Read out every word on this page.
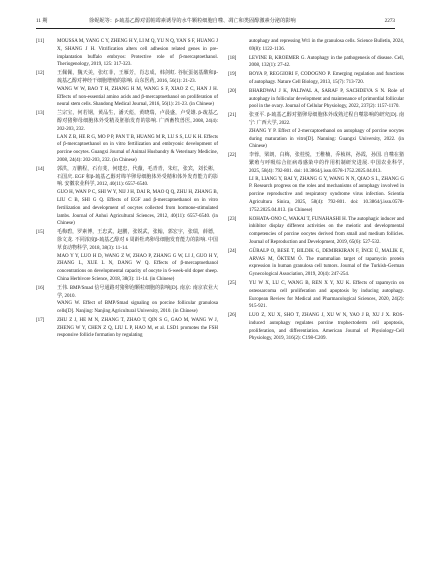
11 期	徐妮妮等：β-巯基乙醇对雷帕霉素诱导的水牛颗粒细胞自噬、凋亡和类固醇激素分泌的影响	2273
[11]	MOUSSA M, YANG C Y, ZHENG H Y, LI M Q, YU N Q, YAN S F, HUANG J X, SHANG J H. Vitrification alters cell adhesion related genes in pre-implantation buffalo embryos: Protective role of β-mercaptoethanol. Theriogenology, 2019, 125: 317-323.
[12]	王佩佩，魏天美，张红菲，王雁芳，肖志成，韩剑虹. 谷朊蛋氨基酸和β-巯基乙醇对神经干细胞增殖的影响. 山东医药, 2016, 56(1): 21-23.
WANG W W, BAO T H, ZHANG H M, WANG S F, XIAO Z C, HAN J H. Effects of non-essential amino acids and β-mercaptoethanol on proliferation of neural stem cells. Shandong Medical Journal, 2016, 56(1): 21-23. (in Chinese)
[13]	兰宗宝，何若钢，黄品生，潘天彪，黄晓瑞，卢晨盛，卢受雄. β-巯基乙醇对猪卵母细胞体外受精及胚胎发育的影响. 广西畜牧兽医, 2008, 24(4): 202-203, 232.
LAN Z B, HE R G, MO P P, PAN T B, HUANG M R, LU S S, LU K H. Effects of β-mercaptoethanol on in vitro fertilization and embryonic development of porcine oocytes. Guangxi Journal of Animal Husbandry & Veterinary Medicine, 2008, 24(4): 202-203, 232. (in Chinese)
[14]	郭洪，万鹏程，石有斐，何建忠，代薇，毛青青，朱红，张宾，刘长彬，石国庆. EGF 和β-巯基乙醇对绵羊卵母细胞体外受精和体外发育能力的影响. 安徽农业科学, 2012, 40(11): 6557-6540.
GUO H, WAN P C, SHI W Y, NIJ J H, DAI R, MAO Q Q, ZHU H, ZHANG B, LIU C B, SHI G Q. Effects of EGF and β-mercaptoethanol on in vitro fertilization and development of oocytes collected from hormone-stimulated lambs. Journal of Anhui Agricultural Sciences, 2012, 40(11): 6557-6540. (in Chinese)
[15]	毛梅碧，罗素博，王忠武，赵鹏，张锐武，张翰，郭宏宇，张瑞，薛德，徐文龙. 不同浓度β-巯基乙醇对 6 周龄牡鸡卵母细胞发育能力的影响. 中国草食动物科学, 2018, 38(3): 11-14.
MAO Y Y, LUO H D, WANG Z W, ZHAO P, ZHANG G W, LI J, GUO H Y, ZHANG L, XUE L N, DANG W Q. Effects of β-mercaptoethanol concentrations on developmental capacity of oocyte in 6-week-old doper sheep. China Herbivore Science, 2018, 38(3): 11-14. (in Chinese)
[16]	王伟. BMP/Smad 信号通路对猪卵泡颗粒细胞的影响[D]. 南京: 南京农业大学, 2010.
WANG W. Effect of BMP/Smad signaling on porcine follicular granulosa cells[D]. Nanjing: Nanjing Agricultural University, 2010. (in Chinese)
[17]	ZHU Z J, HE M N, ZHANG T, ZHAO T, QIN S G, GAO M, WANG W J, ZHENG W Y, CHEN Z Q, LIU L P, HAO M, et al. LSD1 promotes the FSH responsive follicle formation by regulating
autophagy and repressing Wt1 in the granulosa cells. Science Bulletin, 2024, 69(8): 1122-1136.
[18]	LEVINE B, KROEMER G. Autophagy in the pathogenesis of disease. Cell, 2008, 132(1): 27-42.
[19]	BOYA P, REGGIORI F, CODOGNO P. Emerging regulation and functions of autophagy. Nature Cell Biology, 2013, 15(7): 713-720.
[20]	BHARDWAJ J K, PALIWAL A, SARAF P, SACHDEVA S N. Role of autophagy in follicular development and maintenance of primordial follicular pool in the ovary. Journal of Cellular Physiology, 2022, 237(2): 1157-1170.
[21]	张亚平. β-巯基乙醇对猪卵母细胞体外成熟过程自噬影响的研究[D]. 南宁: 广西大学, 2022.
ZHANG Y P. Effect of 2-mercaptoethanol on autophagy of porcine oocytes during maturation in vitro[D]. Nanning: Guangxi University, 2022. (in Chinese)
[22]	李蓉，梁朗，白梅，张桂悦，王稚楠，乔桢林，孙霞，孙国. 自噬在猪繁殖与呼吸综合征病毒感染中的作用机制研究进展. 中国农业科学, 2025, 58(4): 792-801. doi: 10.3864/j.issn.0578-1752.2025.04.013.
LI R, LIANG Y, BAI Y, ZHANG G Y, WANG N N, QIAO S L, ZHANG G P. Research progress on the roles and mechanisms of autophagy involved in porcine reproductive and respiratory syndrome virus infection. Scientia Agricultura Sinica, 2025, 58(4): 792-801. doi: 10.3864/j.issn.0578-1752.2025.04.013. (in Chinese)
[23]	KOHATA-ONO C, WAKAI T, FUNAHASHI H. The autophagic inducer and inhibitor display different activities on the meiotic and developmental competencies of porcine oocytes derived from small and medium follicles. Journal of Reproduction and Development, 2019, 65(6): 527-532.
[24]	GÜRALP O, BESE T, BILDIK G, DEMIRKIRAN F, İNCE Ü, MALIK E, ARVAS M, ÖKTEM Ö. The mammalian target of rapamycin protein expression in human granulosa cell tumors. Journal of the Turkish-German Gynecological Association, 2019, 20(4): 247-254.
[25]	YU W X, LU C, WANG B, REN X Y, XU K. Effects of rapamycin on osteosarcoma cell proliferation and apoptosis by inducing autophagy. European Review for Medical and Pharmacological Sciences, 2020, 24(2): 915-921.
[26]	LUO Z, XU X, SHO T, ZHANG J, XU W N, YAO J B, XU J X. ROS-induced autophagy regulates porcine trophectoderm cell apoptosis, proliferation, and differentiation. American Journal of Physiology-Cell Physiology, 2019, 316(2): C198-C209.
